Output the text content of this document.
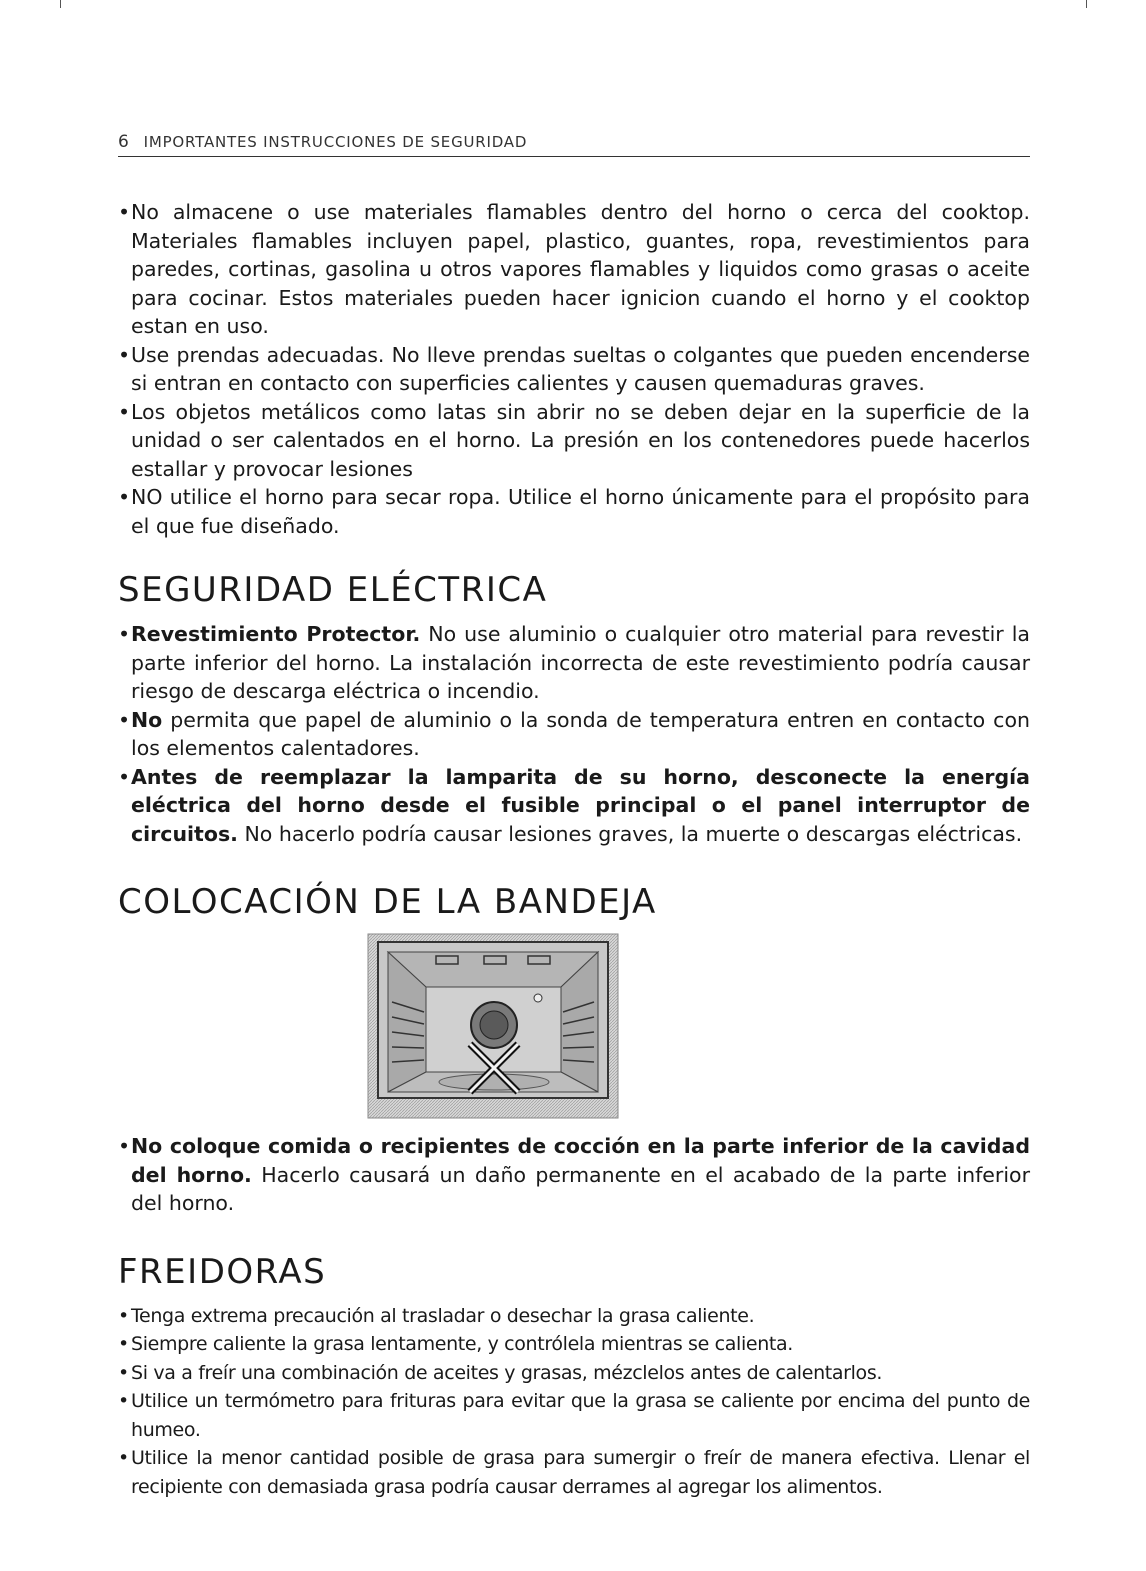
6 IMPORTANTES INSTRUCCIONES DE SEGURIDAD
• No almacene o use materiales flamables dentro del horno o cerca del cooktop. Materiales flamables incluyen papel, plastico, guantes, ropa, revestimientos para paredes, cortinas, gasolina u otros vapores flamables y liquidos como grasas o aceite para cocinar. Estos materiales pueden hacer ignicion cuando el horno y el cooktop estan en uso.
• Use prendas adecuadas. No lleve prendas sueltas o colgantes que pueden encenderse si entran en contacto con superficies calientes y causen quemaduras graves.
• Los objetos metálicos como latas sin abrir no se deben dejar en la superficie de la unidad o ser calentados en el horno. La presión en los contenedores puede hacerlos estallar y provocar lesiones
• NO utilice el horno para secar ropa. Utilice el horno únicamente para el propósito para el que fue diseñado.
SEGURIDAD ELÉCTRICA
• Revestimiento Protector. No use aluminio o cualquier otro material para revestir la parte inferior del horno. La instalación incorrecta de este revestimiento podría causar riesgo de descarga eléctrica o incendio.
• No permita que papel de aluminio o la sonda de temperatura entren en contacto con los elementos calentadores.
• Antes de reemplazar la lamparita de su horno, desconecte la energía eléctrica del horno desde el fusible principal o el panel interruptor de circuitos. No hacerlo podría causar lesiones graves, la muerte o descargas eléctricas.
COLOCACIÓN DE LA BANDEJA
• No coloque comida o recipientes de cocción en la parte inferior de la cavidad del horno. Hacerlo causará un daño permanente en el acabado de la parte inferior del horno.
FREIDORAS
• Tenga extrema precaución al trasladar o desechar la grasa caliente.
• Siempre caliente la grasa lentamente, y contrólela mientras se calienta.
• Si va a freír una combinación de aceites y grasas, mézclelos antes de calentarlos.
• Utilice un termómetro para frituras para evitar que la grasa se caliente por encima del punto de humeo.
• Utilice la menor cantidad posible de grasa para sumergir o freír de manera efectiva. Llenar el recipiente con demasiada grasa podría causar derrames al agregar los alimentos.
